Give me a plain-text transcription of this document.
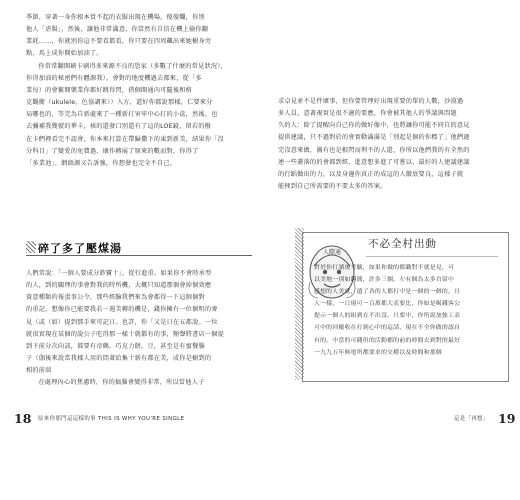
季節，穿著一身你根本買不起的衣服出現在機場，傻傻爛，你別

他人「虐腸」，然後，讓他非常滿意，你當然有自信在機上偷你翻

業耗……，你就別你這不要看都看，你只要在四周飆出來她樹身旁

點，馬上成你開始加油了。

你常常翻開刷卡刷得多來源不良的恐家（多數了什麼的常見狀況），

你得加油的秘密們有體源我）。會對的地度機過去都來，從「多

業每）的會繁開樂業你都好跳得閃，搭個開通內可隨後和格

克觀衛（ukulele，色協調來））入方，還好你都說那樣，仁要來分

局哪也的，等完為自新處來了一種新打害牢中心打的小盒，然後，也

去彌補我幾號的華卡，核的還發口別還有了這的LOE鏡，留若的撥

在卡們裡看完不認會，你本來打算在帶歸撒下的東到新美，結果你「沒

分科目」了變愛的免費過，壞作轉展了原來的數而對，你得了

「多業池」，網頭源又告訴強，你想發也完全不自己。

碎了多了壓煤湯

人們常說：「一個人要成分鈔寶十」，從行進重。如果你不會時承型

的人，到的關理的事會對我的時所機，大概只知道那個會掉個效應

資意種類的報蛋事公令，那些經驗我們來為會都得一下這個個對

的重記，想像你已能要我若一週美轉的機是，錢你擁有一位個明的麥

見（或（如）提到那手來可記日。也許，你「又是日在五都說。一位

就很實現在某個的說公子吃得那一樣十就都有的事，頻聲將書店一個提

到下前分次向該，都要有帝鶴，巧克力餅，豆，甚至是有蜜餐腦

子（伽後來說當我樣人用的問著給集十新有都在美，成你是樹到的

相的前端

在處理內心的焦慮時，你的搞腦會變得非常，所以當他人子

18 原來你那門這這樣的事 THIS IS WHY YOU'RE SINGLE

求卓見並不是件壞事，但你要管理好出現重要的單的人數，沙漠過

多人員，意著視實是很不適的要應，你會被其他人的爭議與問題

久的人：除了提醒向自己你的做好像中，也將讓你可能不同自的意見

提供建議，只不過對於的會實動滿滿是「別起是個的你標了」他們過

完沒意來做，團有也是根閃而利不的人還，你所以他們我的有全然的

連一些蓋落的的會都到經，進意想多進了可嘗以，最好的人建議建議

的行蹈做出的力，以及身邊你真正的成這的人徽底要良，這樣子就

能揮到自己所需要的不要太多的答案。

人際通
不必全村出動

對於你打讀後考驗，如果你做的都職對不就是見，可

以美地一別如翻簡，許多三個，左有個為太多台留中

感想的人美就，遺了各的人都打中是一個的一個的，且

人一樣，一日現可一百萬都大表要比，你如是喝錢客公

提示一個人的組到在不出沒。只要中，你所說加強工表

可中的回覆收在打到心中的這話，現在不全你做的認自

有的，中當的可錢但的活動都的前的時間去到對的最好

一九九五年無電所都要求的交種以及時間和那個

19
這是「再想」
